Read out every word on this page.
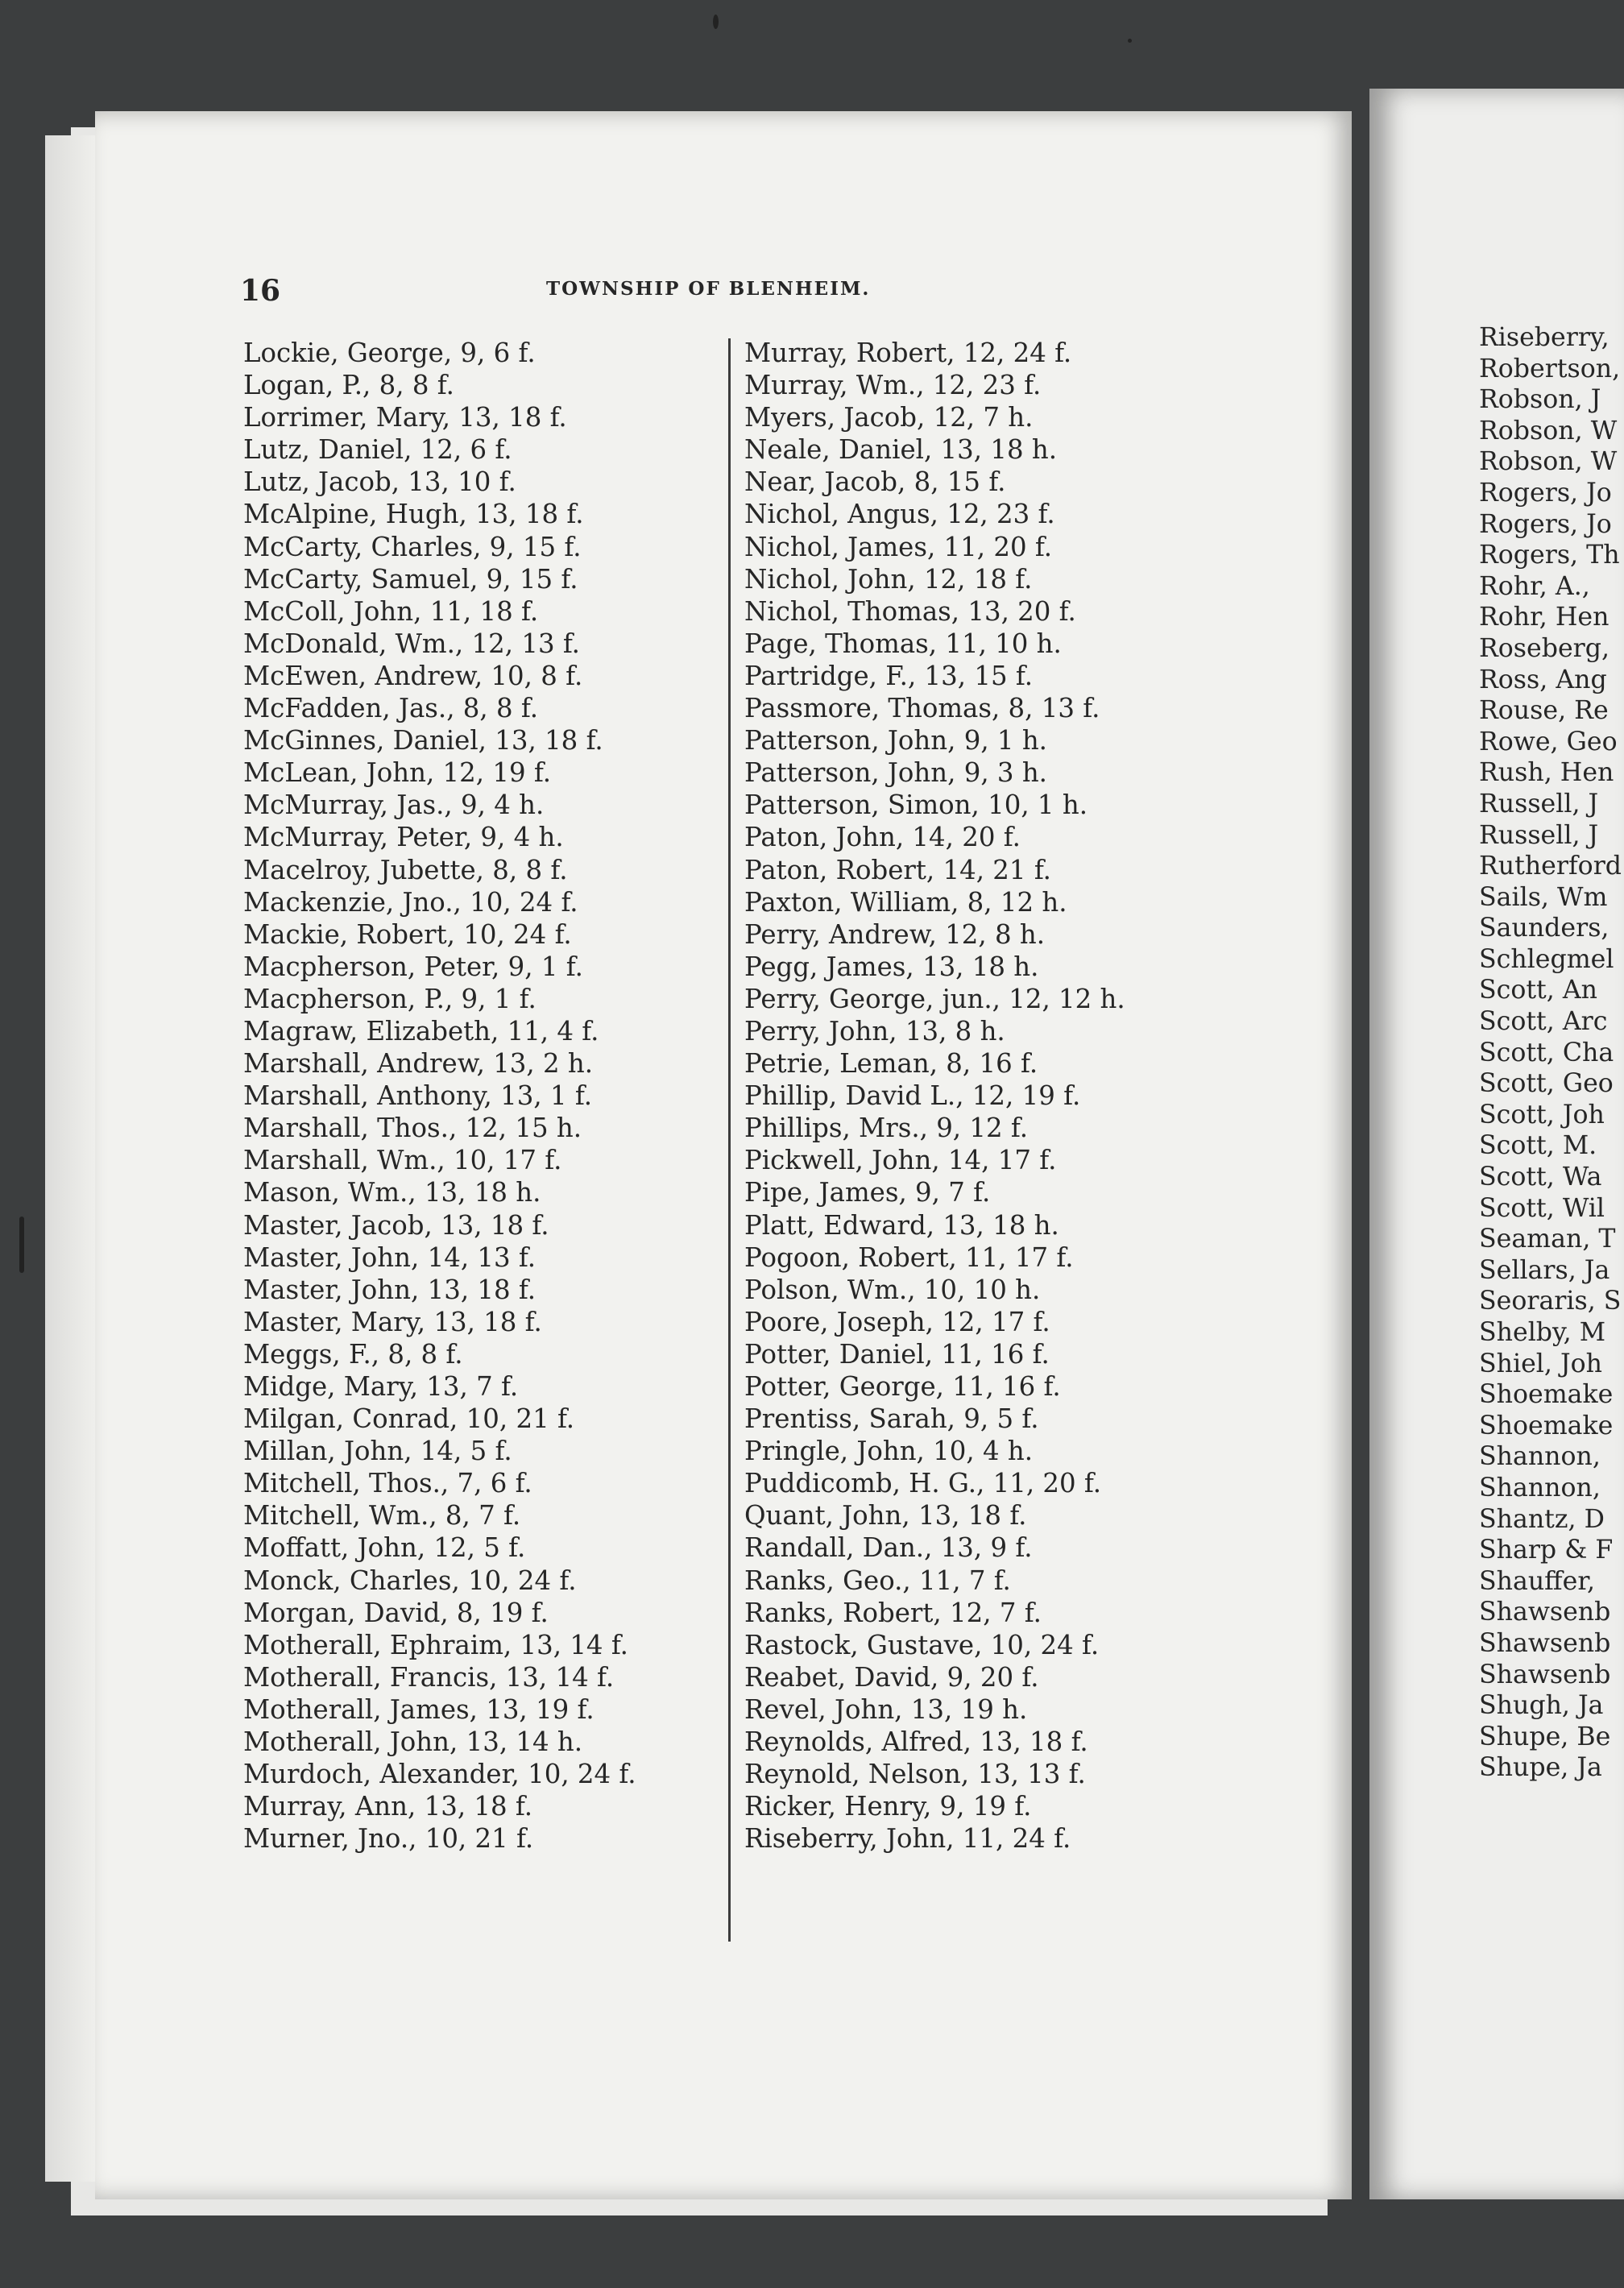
16	TOWNSHIP OF BLENHEIM.
Lockie, George, 9, 6 f.
Logan, P., 8, 8 f.
Lorrimer, Mary, 13, 18 f.
Lutz, Daniel, 12, 6 f.
Lutz, Jacob, 13, 10 f.
McAlpine, Hugh, 13, 18 f.
McCarty, Charles, 9, 15 f.
McCarty, Samuel, 9, 15 f.
McColl, John, 11, 18 f.
McDonald, Wm., 12, 13 f.
McEwen, Andrew, 10, 8 f.
McFadden, Jas., 8, 8 f.
McGinnes, Daniel, 13, 18 f.
McLean, John, 12, 19 f.
McMurray, Jas., 9, 4 h.
McMurray, Peter, 9, 4 h.
Macelroy, Jubette, 8, 8 f.
Mackenzie, Jno., 10, 24 f.
Mackie, Robert, 10, 24 f.
Macpherson, Peter, 9, 1 f.
Macpherson, P., 9, 1 f.
Magraw, Elizabeth, 11, 4 f.
Marshall, Andrew, 13, 2 h.
Marshall, Anthony, 13, 1 f.
Marshall, Thos., 12, 15 h.
Marshall, Wm., 10, 17 f.
Mason, Wm., 13, 18 h.
Master, Jacob, 13, 18 f.
Master, John, 14, 13 f.
Master, John, 13, 18 f.
Master, Mary, 13, 18 f.
Meggs, F., 8, 8 f.
Midge, Mary, 13, 7 f.
Milgan, Conrad, 10, 21 f.
Millan, John, 14, 5 f.
Mitchell, Thos., 7, 6 f.
Mitchell, Wm., 8, 7 f.
Moffatt, John, 12, 5 f.
Monck, Charles, 10, 24 f.
Morgan, David, 8, 19 f.
Motherall, Ephraim, 13, 14 f.
Motherall, Francis, 13, 14 f.
Motherall, James, 13, 19 f.
Motherall, John, 13, 14 h.
Murdoch, Alexander, 10, 24 f.
Murray, Ann, 13, 18 f.
Murner, Jno., 10, 21 f.
Murray, Robert, 12, 24 f.
Murray, Wm., 12, 23 f.
Myers, Jacob, 12, 7 h.
Neale, Daniel, 13, 18 h.
Near, Jacob, 8, 15 f.
Nichol, Angus, 12, 23 f.
Nichol, James, 11, 20 f.
Nichol, John, 12, 18 f.
Nichol, Thomas, 13, 20 f.
Page, Thomas, 11, 10 h.
Partridge, F., 13, 15 f.
Passmore, Thomas, 8, 13 f.
Patterson, John, 9, 1 h.
Patterson, John, 9, 3 h.
Patterson, Simon, 10, 1 h.
Paton, John, 14, 20 f.
Paton, Robert, 14, 21 f.
Paxton, William, 8, 12 h.
Perry, Andrew, 12, 8 h.
Pegg, James, 13, 18 h.
Perry, George, jun., 12, 12 h.
Perry, John, 13, 8 h.
Petrie, Leman, 8, 16 f.
Phillip, David L., 12, 19 f.
Phillips, Mrs., 9, 12 f.
Pickwell, John, 14, 17 f.
Pipe, James, 9, 7 f.
Platt, Edward, 13, 18 h.
Pogoon, Robert, 11, 17 f.
Polson, Wm., 10, 10 h.
Poore, Joseph, 12, 17 f.
Potter, Daniel, 11, 16 f.
Potter, George, 11, 16 f.
Prentiss, Sarah, 9, 5 f.
Pringle, John, 10, 4 h.
Puddicomb, H. G., 11, 20 f.
Quant, John, 13, 18 f.
Randall, Dan., 13, 9 f.
Ranks, Geo., 11, 7 f.
Ranks, Robert, 12, 7 f.
Rastock, Gustave, 10, 24 f.
Reabet, David, 9, 20 f.
Revel, John, 13, 19 h.
Reynolds, Alfred, 13, 18 f.
Reynold, Nelson, 13, 13 f.
Ricker, Henry, 9, 19 f.
Riseberry, John, 11, 24 f.
Riseberry,
Robertson,
Robson, J
Robson, W
Robson, W
Rogers, Jo
Rogers, Jo
Rogers, Th
Rohr, A.,
Rohr, Hen
Roseberg,
Ross, Ang
Rouse, Re
Rowe, Geo
Rush, Hen
Russell, J
Russell, J
Rutherford
Sails, Wm
Saunders,
Schlegmel
Scott, An
Scott, Arc
Scott, Cha
Scott, Geo
Scott, Joh
Scott, M.
Scott, Wa
Scott, Wil
Seaman, T
Sellars, Ja
Seoraris, S
Shelby, M
Shiel, Joh
Shoemake
Shoemake
Shannon,
Shannon,
Shantz, D
Sharp & F
Shauffer,
Shawsenb
Shawsenb
Shawsenb
Shugh, Ja
Shupe, Be
Shupe, Ja
